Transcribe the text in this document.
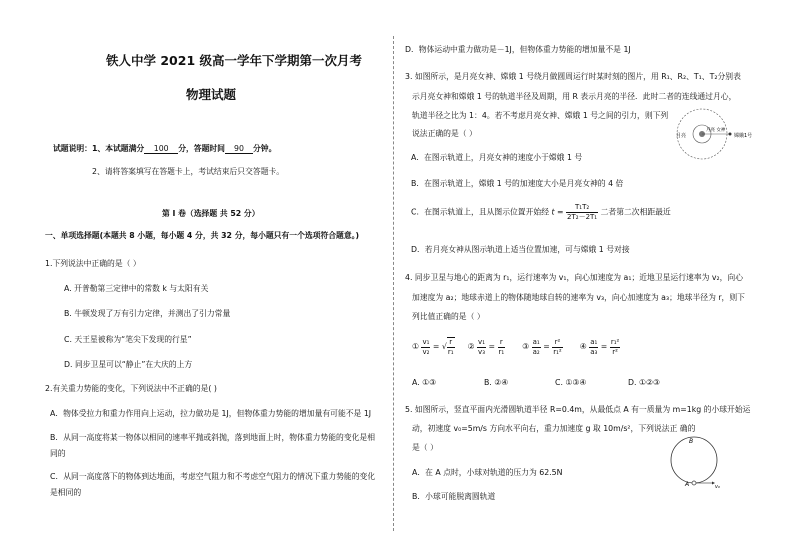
铁人中学 2021 级高一学年下学期第一次月考
物理试题
试题说明：1、本试题满分 100 分，答题时间 90 分钟。
2、请将答案填写在答题卡上，考试结束后只交答题卡。
第 I 卷（选择题 共 52 分）
一、单项选择题(本题共 8 小题，每小题 4 分，共 32 分，每小题只有一个选项符合题意。)
1.下列说法中正确的是（ ）
A. 开普勒第三定律中的常数 k 与太阳有关
B. 牛顿发现了万有引力定律，并测出了引力常量
C. 天王星被称为“笔尖下发现的行星”
D. 同步卫星可以“静止”在大庆的上方
2.有关重力势能的变化，下列说法中不正确的是( )
A．物体受拉力和重力作用向上运动，拉力做功是 1J，但物体重力势能的增加量有可能不是 1J
B．从同一高度将某一物体以相同的速率平抛或斜抛，落到地面上时，物体重力势能的变化是相
同的
C．从同一高度落下的物体到达地面，考虑空气阻力和不考虑空气阻力的情况下重力势能的变化
是相同的
D．物体运动中重力做功是－1J，但物体重力势能的增加量不是 1J
3. 如图所示，是月亮女神、嫦娥 1 号绕月做圆周运行时某时刻的图片，用 R₁、R₂、T₁、T₂分别表
示月亮女神和嫦娥 1 号的轨道半径及周期，用 R 表示月亮的半径．此时二者的连线通过月心，
轨道半径之比为 1：4。若不考虑月亮女神、嫦娥 1 号之间的引力，则下列
说法正确的是（ ）	月亮
月亮 女神
嫦娥1号
A．在图示轨道上，月亮女神的速度小于嫦娥 1 号
B．在图示轨道上，嫦娥 1 号的加速度大小是月亮女神的 4 倍
C．在图示轨道上，且从图示位置开始经 $t = \frac{\text{T₁T₂}}{\text{2T₂－2T₁}}$ 二者第二次相距最近
D．若月亮女神从图示轨道上适当位置加速，可与嫦娥 1 号对接
4. 同步卫星与地心的距离为 r₁，运行速率为 v₁，向心加速度为 a₁；近地卫星运行速率为 v₂，向心
加速度为 a₂；地球赤道上的物体随地球自转的速率为 v₃，向心加速度为 a₃；地球半径为 r，则下
列比值正确的是（ ）
① $\frac{\text{v₁}}{\text{v₂}}$ = √ $\frac{r}{\text{r₁}}$ ② $\frac{\text{v₁}}{\text{v₃}} = \frac{r}{\text{r₁}}$ ③ $\frac{\text{a₁}}{\text{a₂}} = \frac{\text{r²}}{\text{r₁²}}$ ④ $\frac{\text{a₁}}{\text{a₃}} = \frac{\text{r₁²}}{\text{r²}}$
A. ①③	B. ②④	C. ①③④	D. ①②③
5. 如图所示，竖直平面内光滑圆轨道半径 R=0.4m，从最低点 A 有一质量为 m=1kg 的小球开始运
动，初速度 v₀=5m/s 方向水平向右，重力加速度 g 取 10m/s²，下列说法正 确的
是（ ）
A．在 A 点时，小球对轨道的压力为 62.5N
B．小球可能脱离圆轨道
B
A	v₀
